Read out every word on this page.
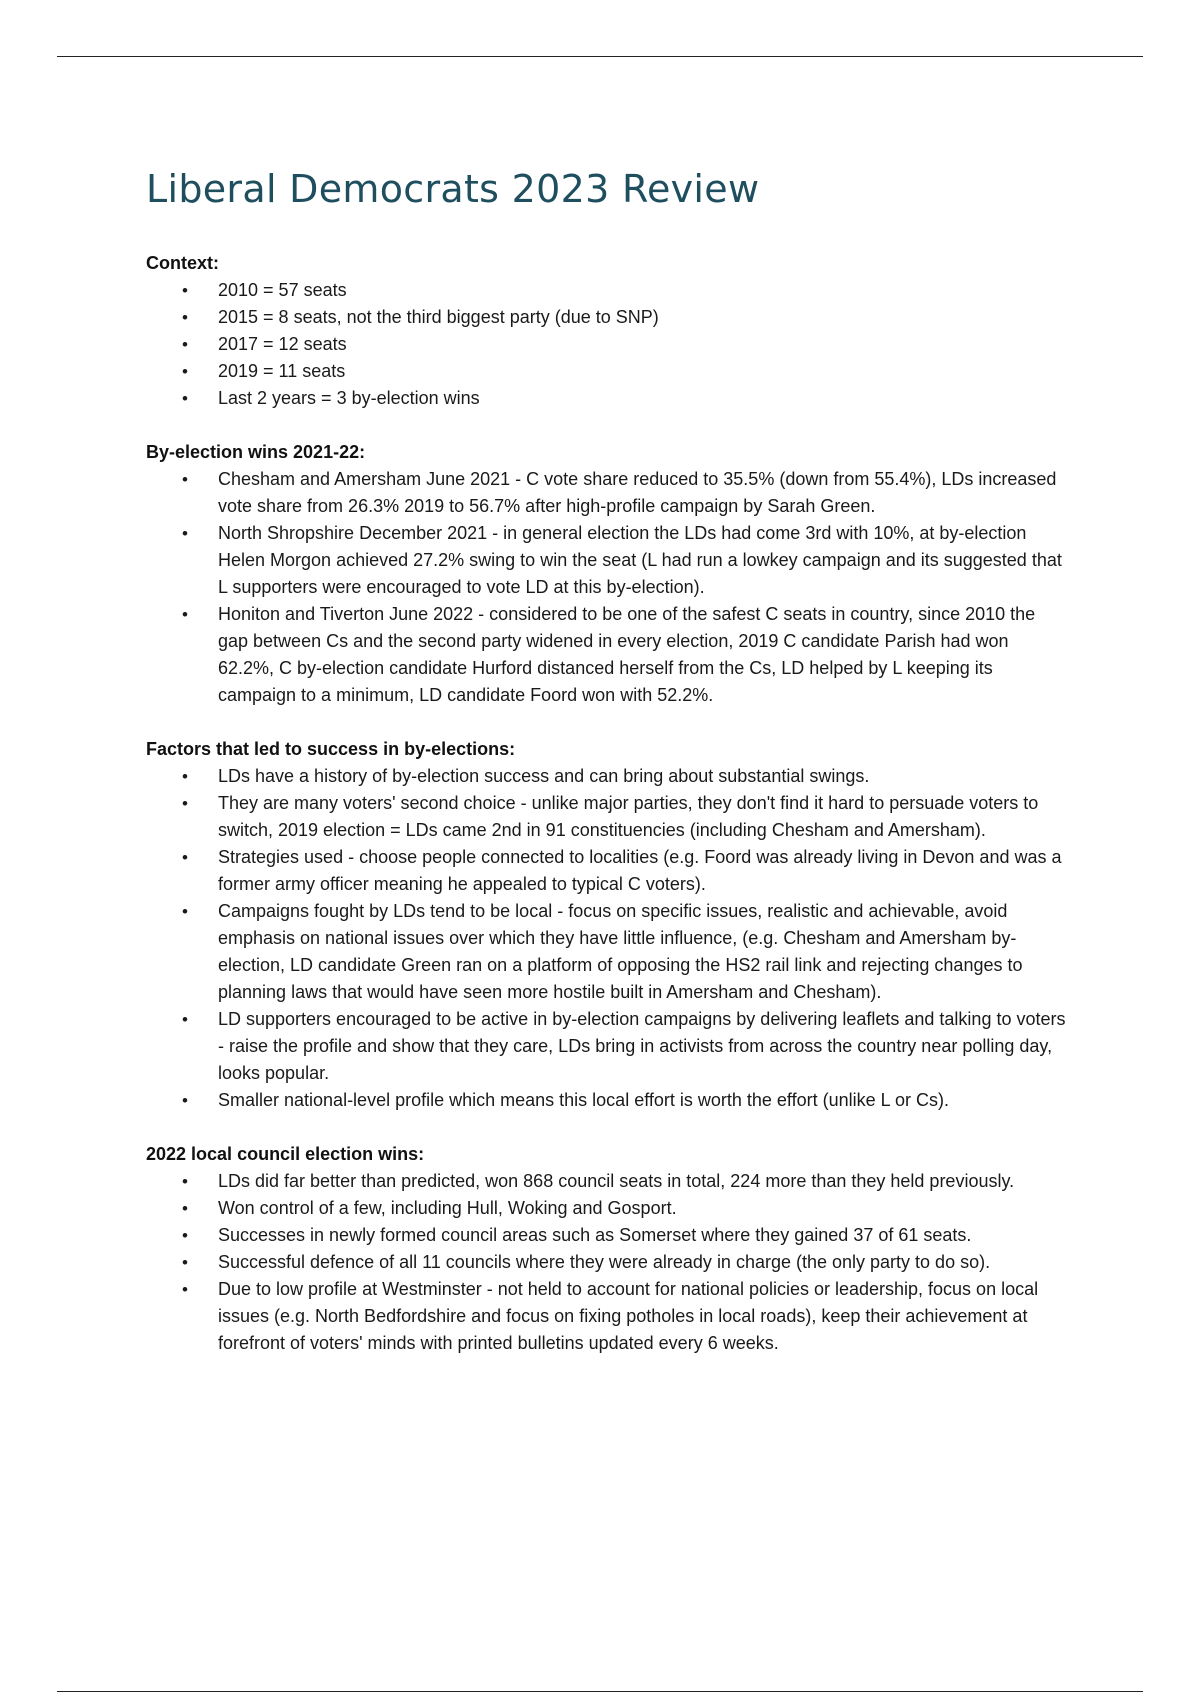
Liberal Democrats 2023 Review
Context:
• 2010 = 57 seats
• 2015 = 8 seats, not the third biggest party (due to SNP)
• 2017 = 12 seats
• 2019 = 11 seats
• Last 2 years = 3 by-election wins
By-election wins 2021-22:
• Chesham and Amersham June 2021 - C vote share reduced to 35.5% (down from 55.4%), LDs increased vote share from 26.3% 2019 to 56.7% after high-profile campaign by Sarah Green.
• North Shropshire December 2021 - in general election the LDs had come 3rd with 10%, at by-election Helen Morgon achieved 27.2% swing to win the seat (L had run a lowkey campaign and its suggested that L supporters were encouraged to vote LD at this by-election).
• Honiton and Tiverton June 2022 - considered to be one of the safest C seats in country, since 2010 the gap between Cs and the second party widened in every election, 2019 C candidate Parish had won 62.2%, C by-election candidate Hurford distanced herself from the Cs, LD helped by L keeping its campaign to a minimum, LD candidate Foord won with 52.2%.
Factors that led to success in by-elections:
• LDs have a history of by-election success and can bring about substantial swings.
• They are many voters' second choice - unlike major parties, they don't find it hard to persuade voters to switch, 2019 election = LDs came 2nd in 91 constituencies (including Chesham and Amersham).
• Strategies used - choose people connected to localities (e.g. Foord was already living in Devon and was a former army officer meaning he appealed to typical C voters).
• Campaigns fought by LDs tend to be local - focus on specific issues, realistic and achievable, avoid emphasis on national issues over which they have little influence, (e.g. Chesham and Amersham by-election, LD candidate Green ran on a platform of opposing the HS2 rail link and rejecting changes to planning laws that would have seen more hostile built in Amersham and Chesham).
• LD supporters encouraged to be active in by-election campaigns by delivering leaflets and talking to voters - raise the profile and show that they care, LDs bring in activists from across the country near polling day, looks popular.
• Smaller national-level profile which means this local effort is worth the effort (unlike L or Cs).
2022 local council election wins:
• LDs did far better than predicted, won 868 council seats in total, 224 more than they held previously.
• Won control of a few, including Hull, Woking and Gosport.
• Successes in newly formed council areas such as Somerset where they gained 37 of 61 seats.
• Successful defence of all 11 councils where they were already in charge (the only party to do so).
• Due to low profile at Westminster - not held to account for national policies or leadership, focus on local issues (e.g. North Bedfordshire and focus on fixing potholes in local roads), keep their achievement at forefront of voters' minds with printed bulletins updated every 6 weeks.
